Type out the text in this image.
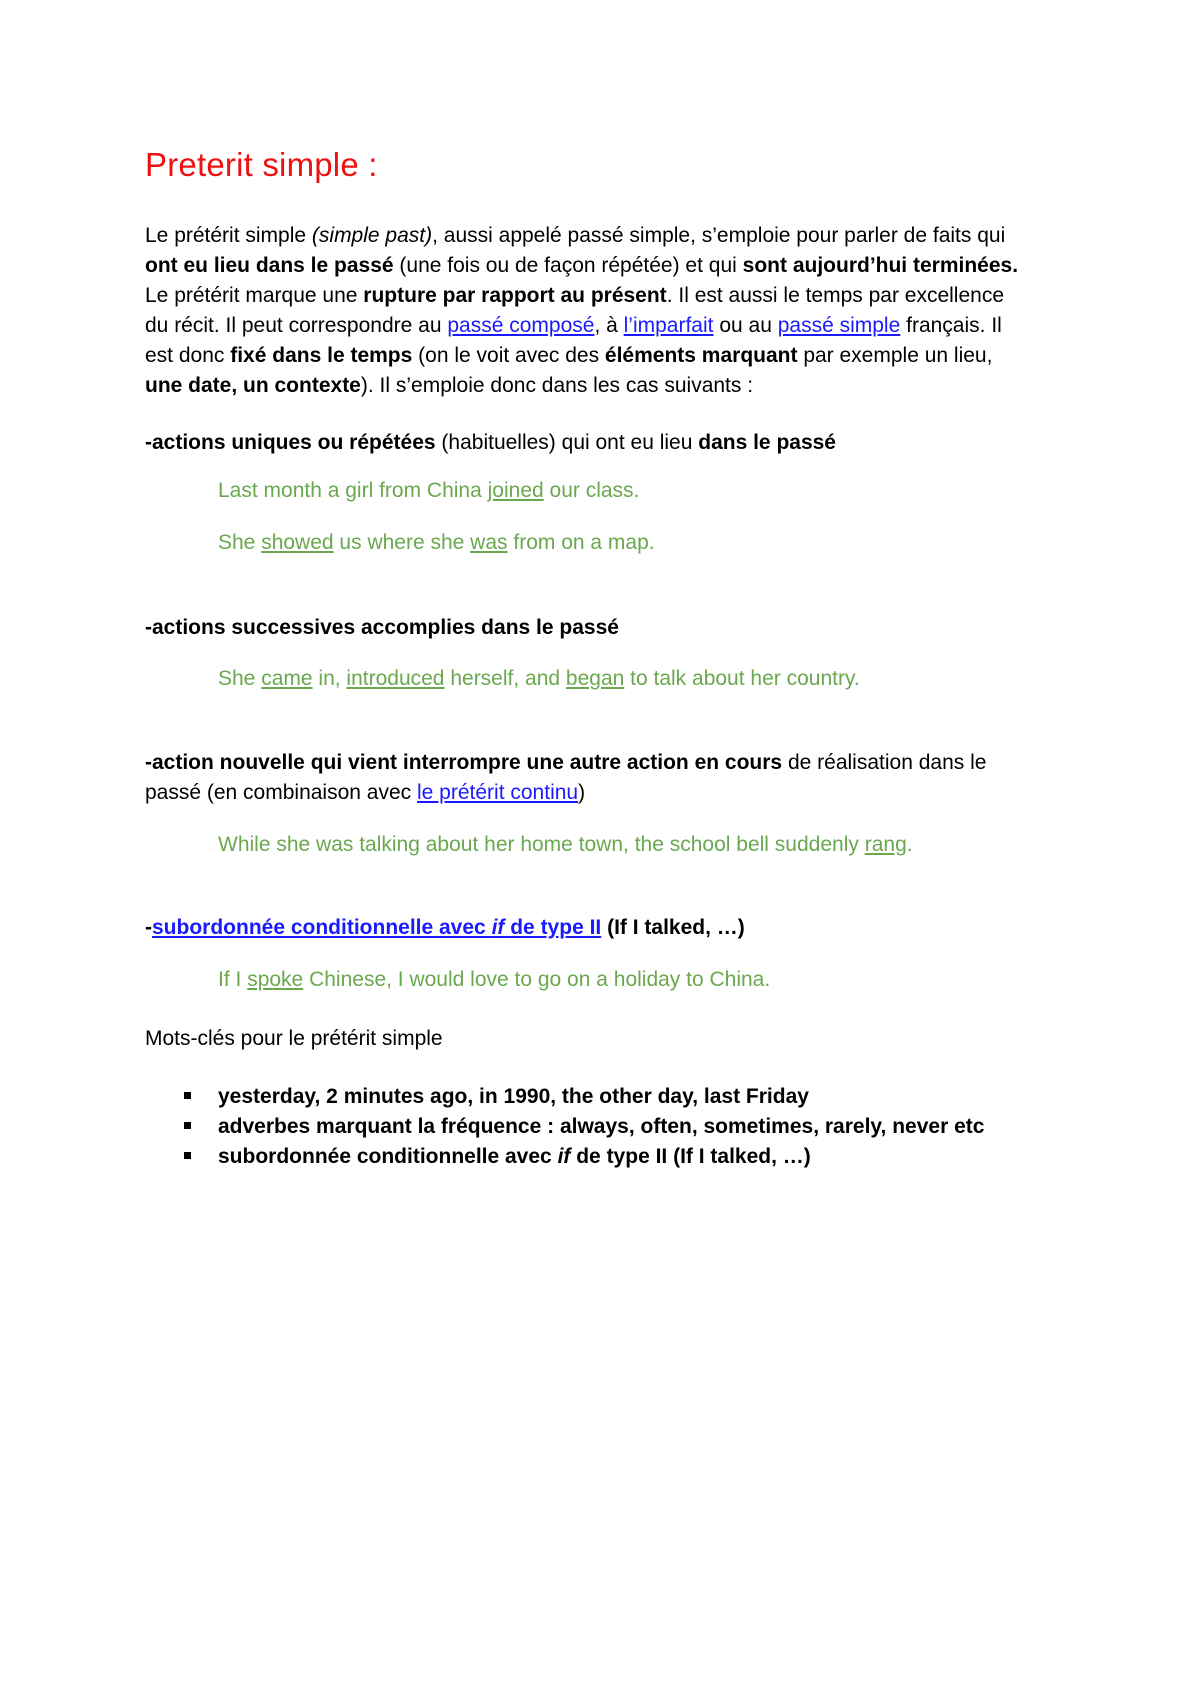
Preterit simple :
Le prétérit simple (simple past), aussi appelé passé simple, s’emploie pour parler de faits qui
ont eu lieu dans le passé (une fois ou de façon répétée) et qui sont aujourd’hui terminées.
Le prétérit marque une rupture par rapport au présent. Il est aussi le temps par excellence
du récit. Il peut correspondre au passé composé, à l’imparfait ou au passé simple français. Il
est donc fixé dans le temps (on le voit avec des éléments marquant par exemple un lieu,
une date, un contexte). Il s’emploie donc dans les cas suivants :
-actions uniques ou répétées (habituelles) qui ont eu lieu dans le passé
Last month a girl from China joined our class.
She showed us where she was from on a map.
-actions successives accomplies dans le passé
She came in, introduced herself, and began to talk about her country.
-action nouvelle qui vient interrompre une autre action en cours de réalisation dans le
passé (en combinaison avec le prétérit continu)
While she was talking about her home town, the school bell suddenly rang.
-subordonnée conditionnelle avec if de type II (If I talked, …)
If I spoke Chinese, I would love to go on a holiday to China.
Mots-clés pour le prétérit simple
yesterday, 2 minutes ago, in 1990, the other day, last Friday
adverbes marquant la fréquence : always, often, sometimes, rarely, never etc
subordonnée conditionnelle avec if de type II (If I talked, …)
